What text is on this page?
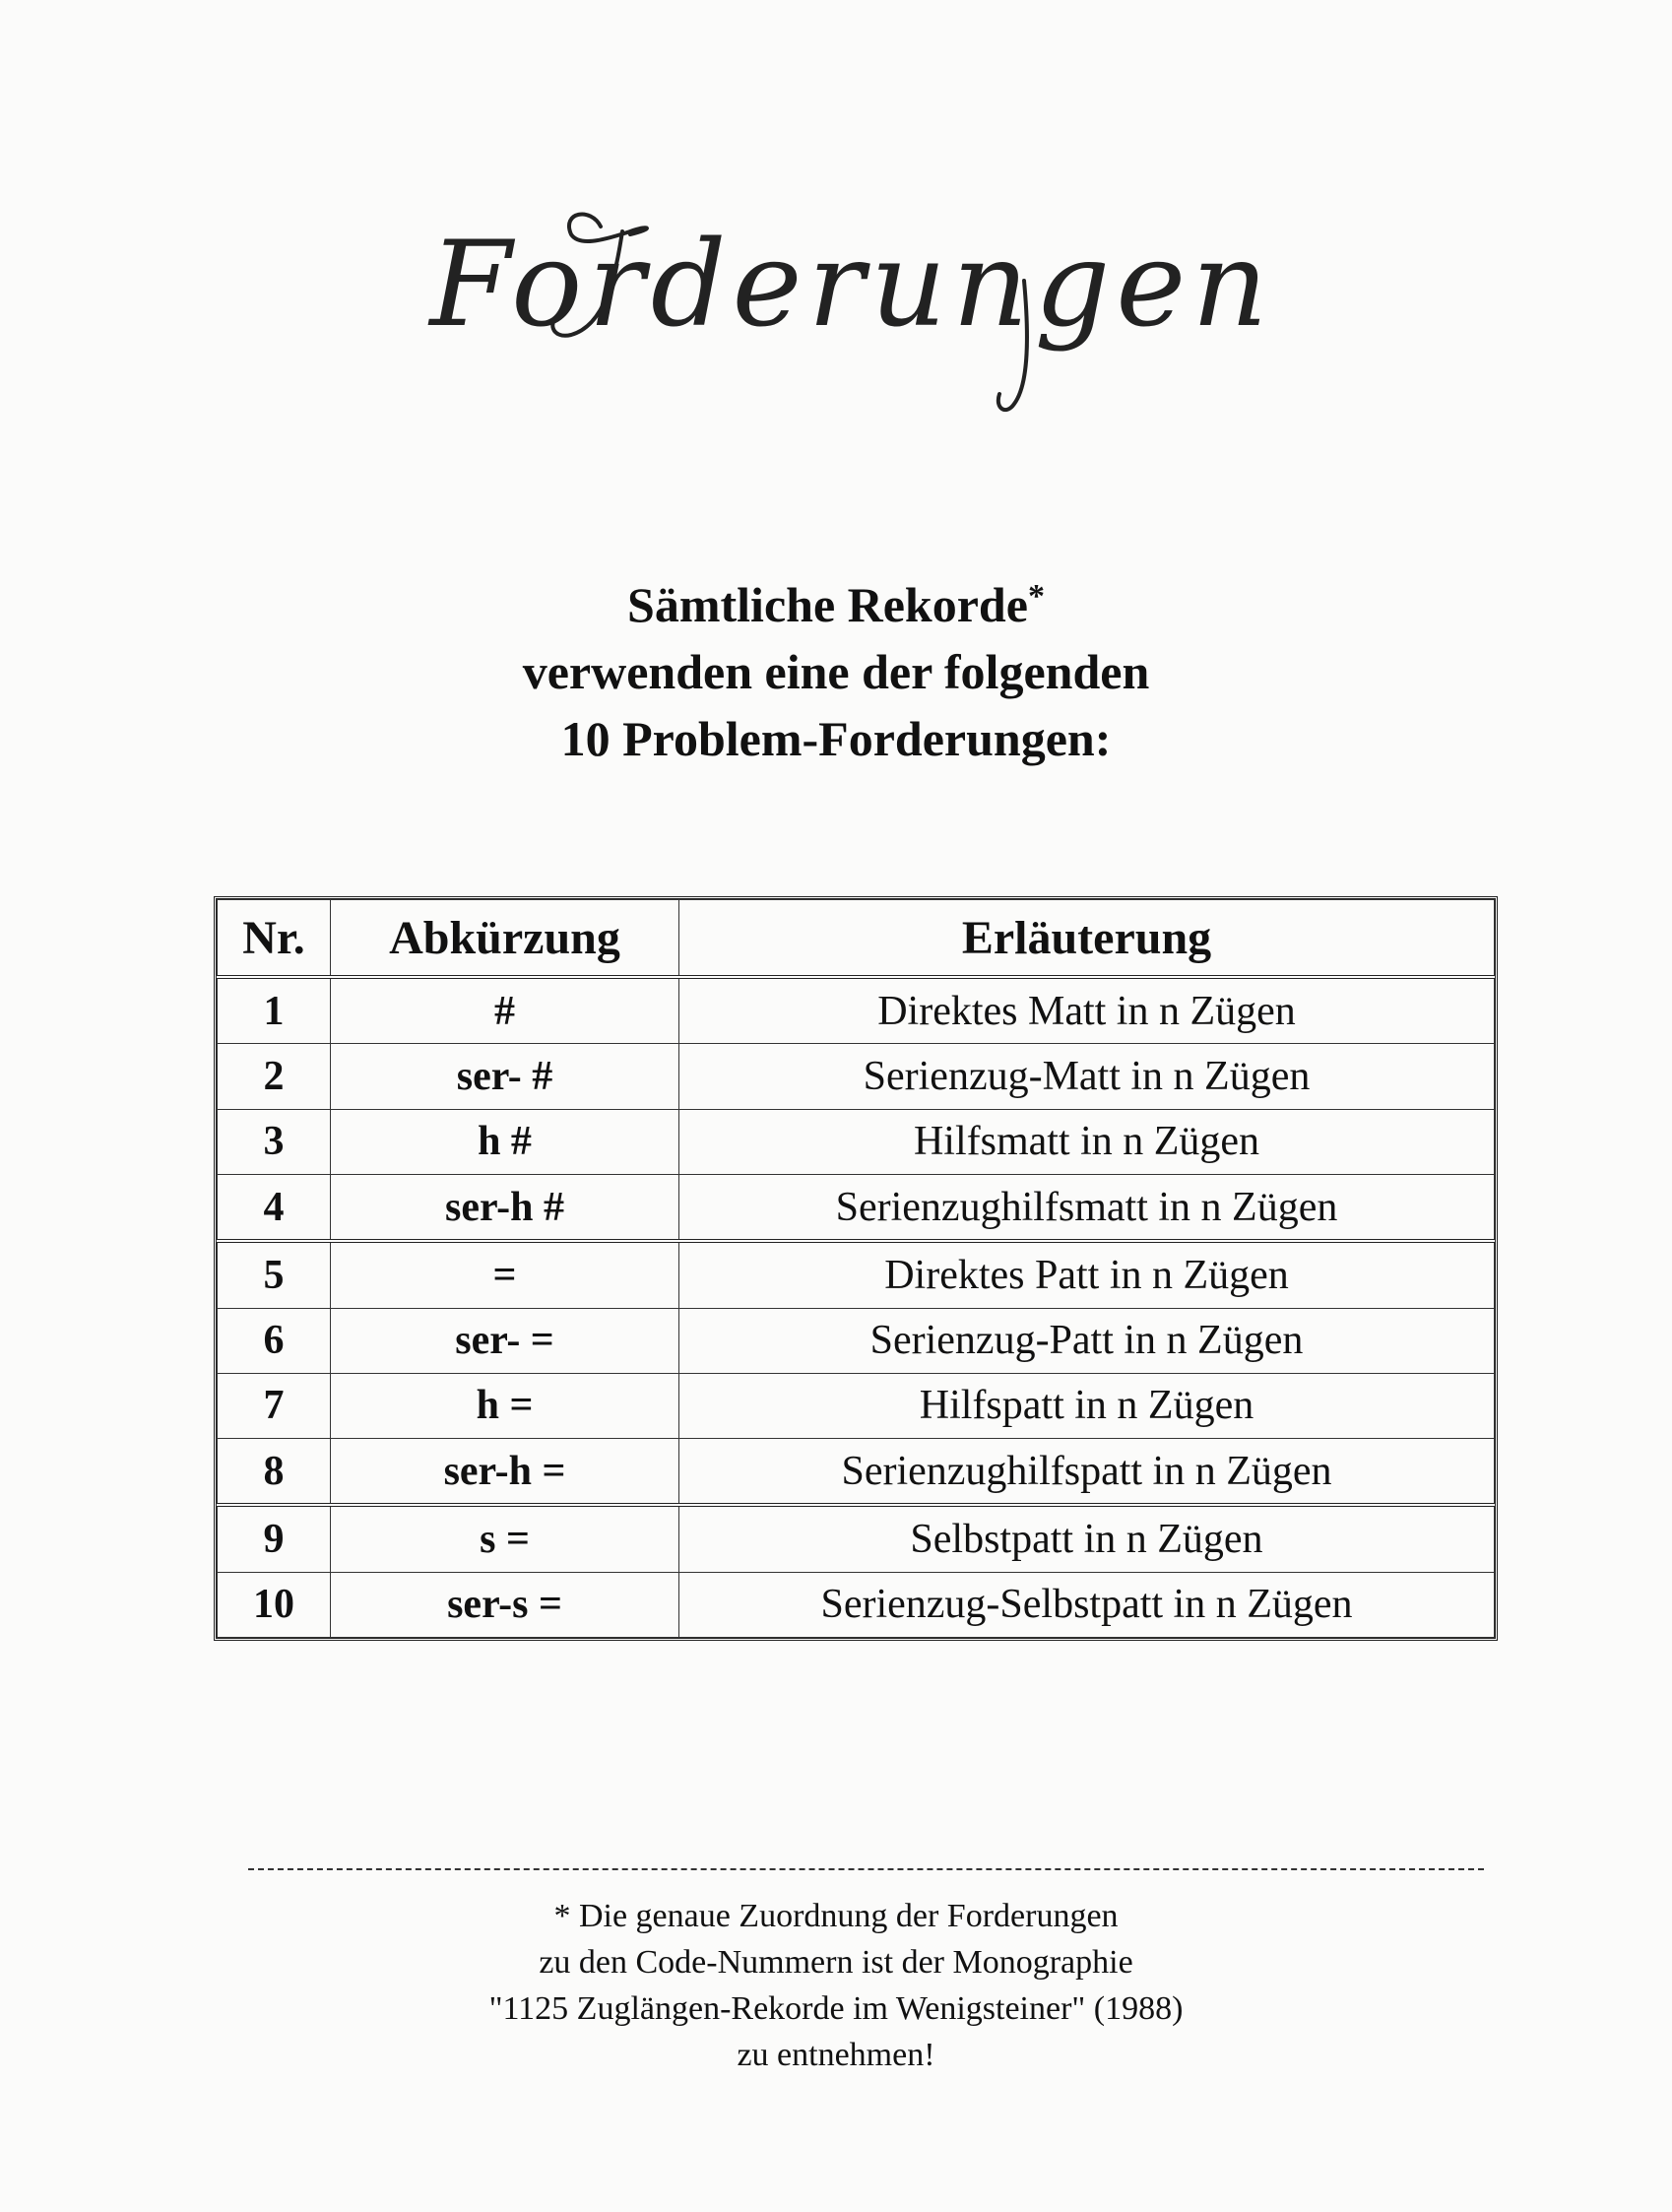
Forderungen
Sämtliche Rekorde*
verwenden eine der folgenden
10 Problem-Forderungen:
Nr.	Abkürzung	Erläuterung
1	#	Direktes Matt in n Zügen
2	ser- #	Serienzug-Matt in n Zügen
3	h #	Hilfsmatt in n Zügen
4	ser-h #	Serienzughilfsmatt in n Zügen
5	=	Direktes Patt in n Zügen
6	ser- =	Serienzug-Patt in n Zügen
7	h =	Hilfspatt in n Zügen
8	ser-h =	Serienzughilfspatt in n Zügen
9	s =	Selbstpatt in n Zügen
10	ser-s =	Serienzug-Selbstpatt in n Zügen
* Die genaue Zuordnung der Forderungen
zu den Code-Nummern ist der Monographie
"1125 Zuglängen-Rekorde im Wenigsteiner" (1988)
zu entnehmen!
